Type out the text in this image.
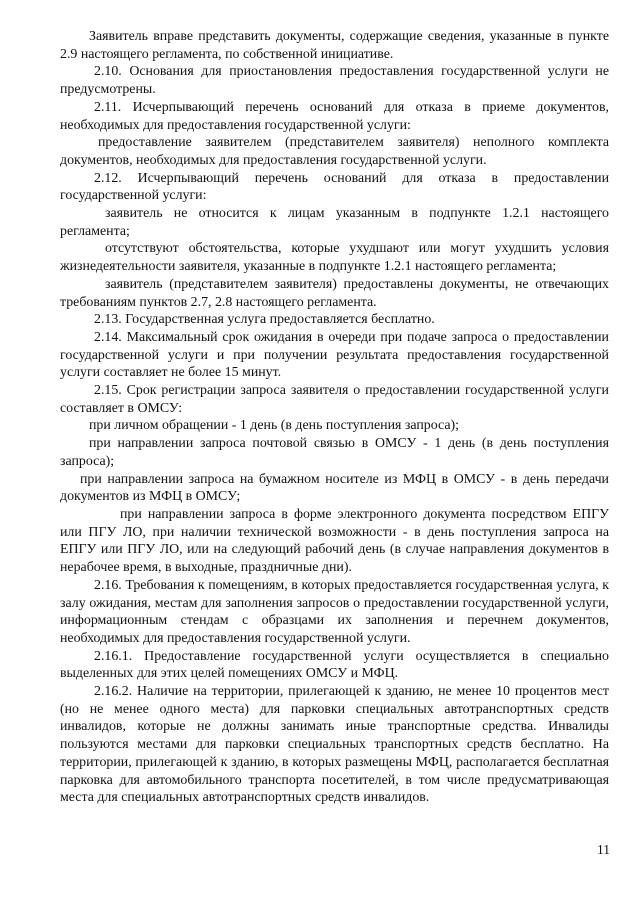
Заявитель вправе представить документы, содержащие сведения, указанные в пункте 2.9 настоящего регламента, по собственной инициативе.

2.10. Основания для приостановления предоставления государственной услуги не предусмотрены.

2.11. Исчерпывающий перечень оснований для отказа в приеме документов, необходимых для предоставления государственной услуги:

предоставление заявителем (представителем заявителя) неполного комплекта документов, необходимых для предоставления государственной услуги.

2.12. Исчерпывающий перечень оснований для отказа в предоставлении государственной услуги:

заявитель не относится к лицам указанным в подпункте 1.2.1 настоящего регламента;

отсутствуют обстоятельства, которые ухудшают или могут ухудшить условия жизнедеятельности заявителя, указанные в подпункте 1.2.1 настоящего регламента;

заявитель (представителем заявителя) предоставлены документы, не отвечающих требованиям пунктов 2.7, 2.8 настоящего регламента.

2.13. Государственная услуга предоставляется бесплатно.

2.14. Максимальный срок ожидания в очереди при подаче запроса о предоставлении государственной услуги и при получении результата предоставления государственной услуги составляет не более 15 минут.

2.15. Срок регистрации запроса заявителя о предоставлении государственной услуги составляет в ОМСУ:

при личном обращении - 1 день (в день поступления запроса);

при направлении запроса почтовой связью в ОМСУ - 1 день (в день поступления запроса);

при направлении запроса на бумажном носителе из МФЦ в ОМСУ - в день передачи документов из МФЦ в ОМСУ;

при направлении запроса в форме электронного документа посредством ЕПГУ или ПГУ ЛО, при наличии технической возможности - в день поступления запроса на ЕПГУ или ПГУ ЛО, или на следующий рабочий день (в случае направления документов в нерабочее время, в выходные, праздничные дни).

2.16. Требования к помещениям, в которых предоставляется государственная услуга, к залу ожидания, местам для заполнения запросов о предоставлении государственной услуги, информационным стендам с образцами их заполнения и перечнем документов, необходимых для предоставления государственной услуги.

2.16.1. Предоставление государственной услуги осуществляется в специально выделенных для этих целей помещениях ОМСУ и МФЦ.

2.16.2. Наличие на территории, прилегающей к зданию, не менее 10 процентов мест (но не менее одного места) для парковки специальных автотранспортных средств инвалидов, которые не должны занимать иные транспортные средства. Инвалиды пользуются местами для парковки специальных транспортных средств бесплатно. На территории, прилегающей к зданию, в которых размещены МФЦ, располагается бесплатная парковка для автомобильного транспорта посетителей, в том числе предусматривающая места для специальных автотранспортных средств инвалидов.

11
